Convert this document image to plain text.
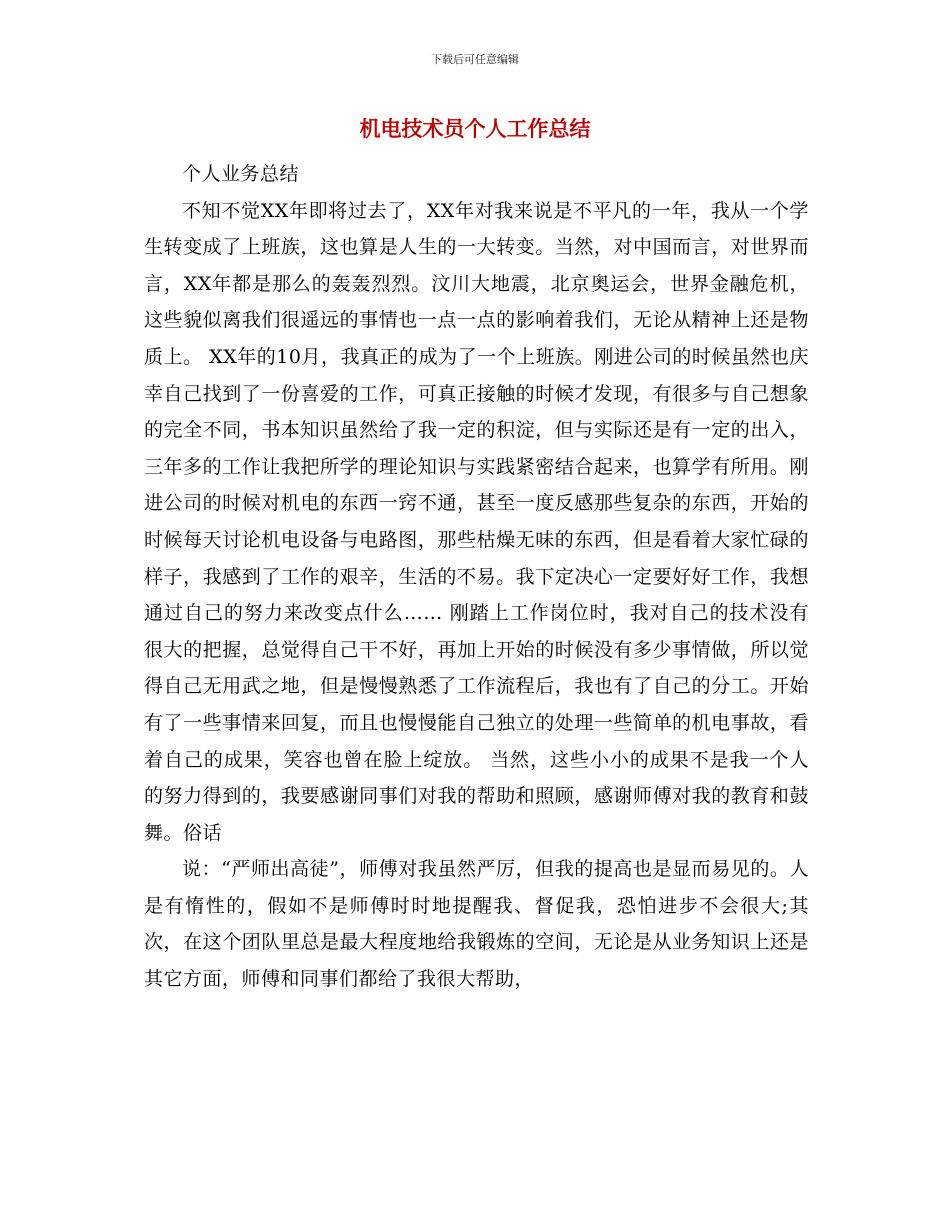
下载后可任意编辑
机电技术员个人工作总结

个人业务总结

不知不觉XX年即将过去了，XX年对我来说是不平凡的一年，我从一个学生转变成了上班族，这也算是人生的一大转变。当然，对中国而言，对世界而言，XX年都是那么的轰轰烈烈。汶川大地震，北京奥运会，世界金融危机，这些貌似离我们很遥远的事情也一点一点的影响着我们，无论从精神上还是物质上。 XX年的10月，我真正的成为了一个上班族。刚进公司的时候虽然也庆幸自己找到了一份喜爱的工作，可真正接触的时候才发现，有很多与自己想象的完全不同，书本知识虽然给了我一定的积淀，但与实际还是有一定的出入，三年多的工作让我把所学的理论知识与实践紧密结合起来，也算学有所用。刚进公司的时候对机电的东西一窍不通，甚至一度反感那些复杂的东西，开始的时候每天讨论机电设备与电路图，那些枯燥无味的东西，但是看着大家忙碌的样子，我感到了工作的艰辛，生活的不易。我下定决心一定要好好工作，我想通过自己的努力来改变点什么…… 刚踏上工作岗位时，我对自己的技术没有很大的把握，总觉得自己干不好，再加上开始的时候没有多少事情做，所以觉得自己无用武之地，但是慢慢熟悉了工作流程后，我也有了自己的分工。开始有了一些事情来回复，而且也慢慢能自己独立的处理一些简单的机电事故，看着自己的成果，笑容也曾在脸上绽放。 当然，这些小小的成果不是我一个人的努力得到的，我要感谢同事们对我的帮助和照顾，感谢师傅对我的教育和鼓舞。俗话

说：“严师出高徒”，师傅对我虽然严厉，但我的提高也是显而易见的。人是有惰性的，假如不是师傅时时地提醒我、督促我，恐怕进步不会很大;其次，在这个团队里总是最大程度地给我锻炼的空间，无论是从业务知识上还是其它方面，师傅和同事们都给了我很大帮助，
